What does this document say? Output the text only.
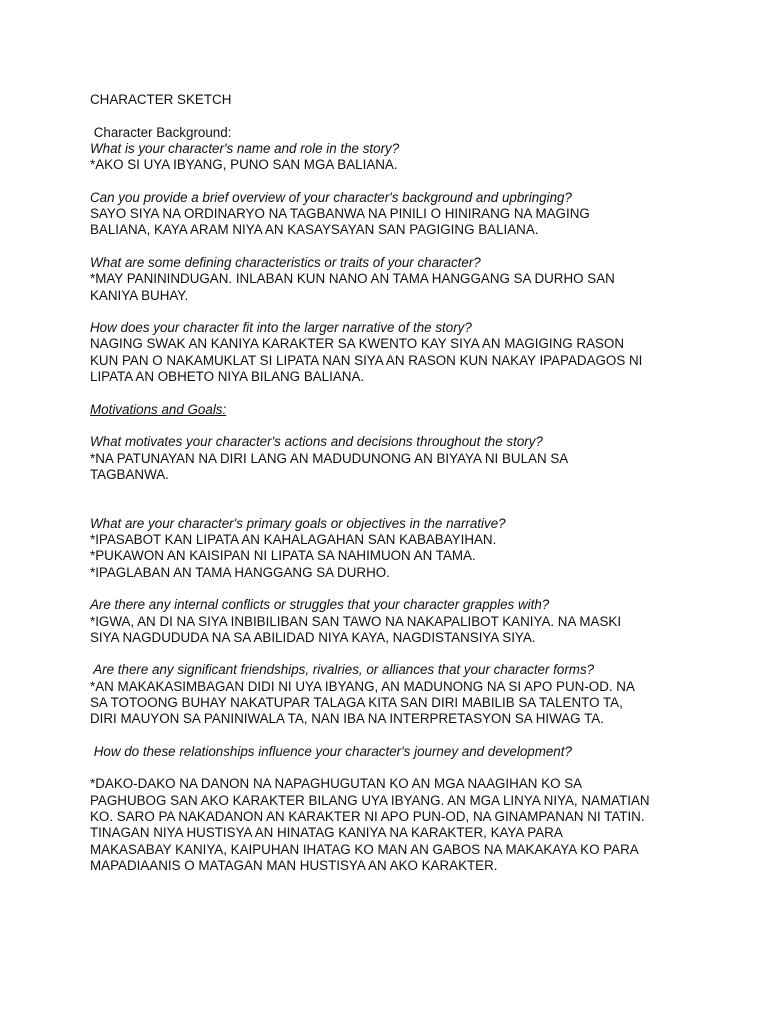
CHARACTER SKETCH
Character Background:
What is your character's name and role in the story?
*AKO SI UYA IBYANG, PUNO SAN MGA BALIANA.
Can you provide a brief overview of your character's background and upbringing?
SAYO SIYA NA ORDINARYO NA TAGBANWA NA PINILI O HINIRANG NA MAGING
BALIANA, KAYA ARAM NIYA AN KASAYSAYAN SAN PAGIGING BALIANA.
What are some defining characteristics or traits of your character?
*MAY PANININDUGAN. INLABAN KUN NANO AN TAMA HANGGANG SA DURHO SAN
KANIYA BUHAY.
How does your character fit into the larger narrative of the story?
NAGING SWAK AN KANIYA KARAKTER SA KWENTO KAY SIYA AN MAGIGING RASON
KUN PAN O NAKAMUKLAT SI LIPATA NAN SIYA AN RASON KUN NAKAY IPAPADAGOS NI
LIPATA AN OBHETO NIYA BILANG BALIANA.
Motivations and Goals:
What motivates your character's actions and decisions throughout the story?
*NA PATUNAYAN NA DIRI LANG AN MADUDUNONG AN BIYAYA NI BULAN SA
TAGBANWA.
What are your character's primary goals or objectives in the narrative?
*IPASABOT KAN LIPATA AN KAHALAGAHAN SAN KABABAYIHAN.
*PUKAWON AN KAISIPAN NI LIPATA SA NAHIMUON AN TAMA.
*IPAGLABAN AN TAMA HANGGANG SA DURHO.
Are there any internal conflicts or struggles that your character grapples with?
*IGWA, AN DI NA SIYA INBIBILIBAN SAN TAWO NA NAKAPALIBOT KANIYA. NA MASKI
SIYA NAGDUDUDA NA SA ABILIDAD NIYA KAYA, NAGDISTANSIYA SIYA.
Are there any significant friendships, rivalries, or alliances that your character forms?
*AN MAKAKASIMBAGAN DIDI NI UYA IBYANG, AN MADUNONG NA SI APO PUN-OD. NA
SA TOTOONG BUHAY NAKATUPAR TALAGA KITA SAN DIRI MABILIB SA TALENTO TA,
DIRI MAUYON SA PANINIWALA TA, NAN IBA NA INTERPRETASYON SA HIWAG TA.
How do these relationships influence your character's journey and development?
*DAKO-DAKO NA DANON NA NAPAGHUGUTAN KO AN MGA NAAGIHAN KO SA
PAGHUBOG SAN AKO KARAKTER BILANG UYA IBYANG. AN MGA LINYA NIYA, NAMATIAN
KO. SARO PA NAKADANON AN KARAKTER NI APO PUN-OD, NA GINAMPANAN NI TATIN.
TINAGAN NIYA HUSTISYA AN HINATAG KANIYA NA KARAKTER, KAYA PARA
MAKASABAY KANIYA, KAIPUHAN IHATAG KO MAN AN GABOS NA MAKAKAYA KO PARA
MAPADIAANIS O MATAGAN MAN HUSTISYA AN AKO KARAKTER.
